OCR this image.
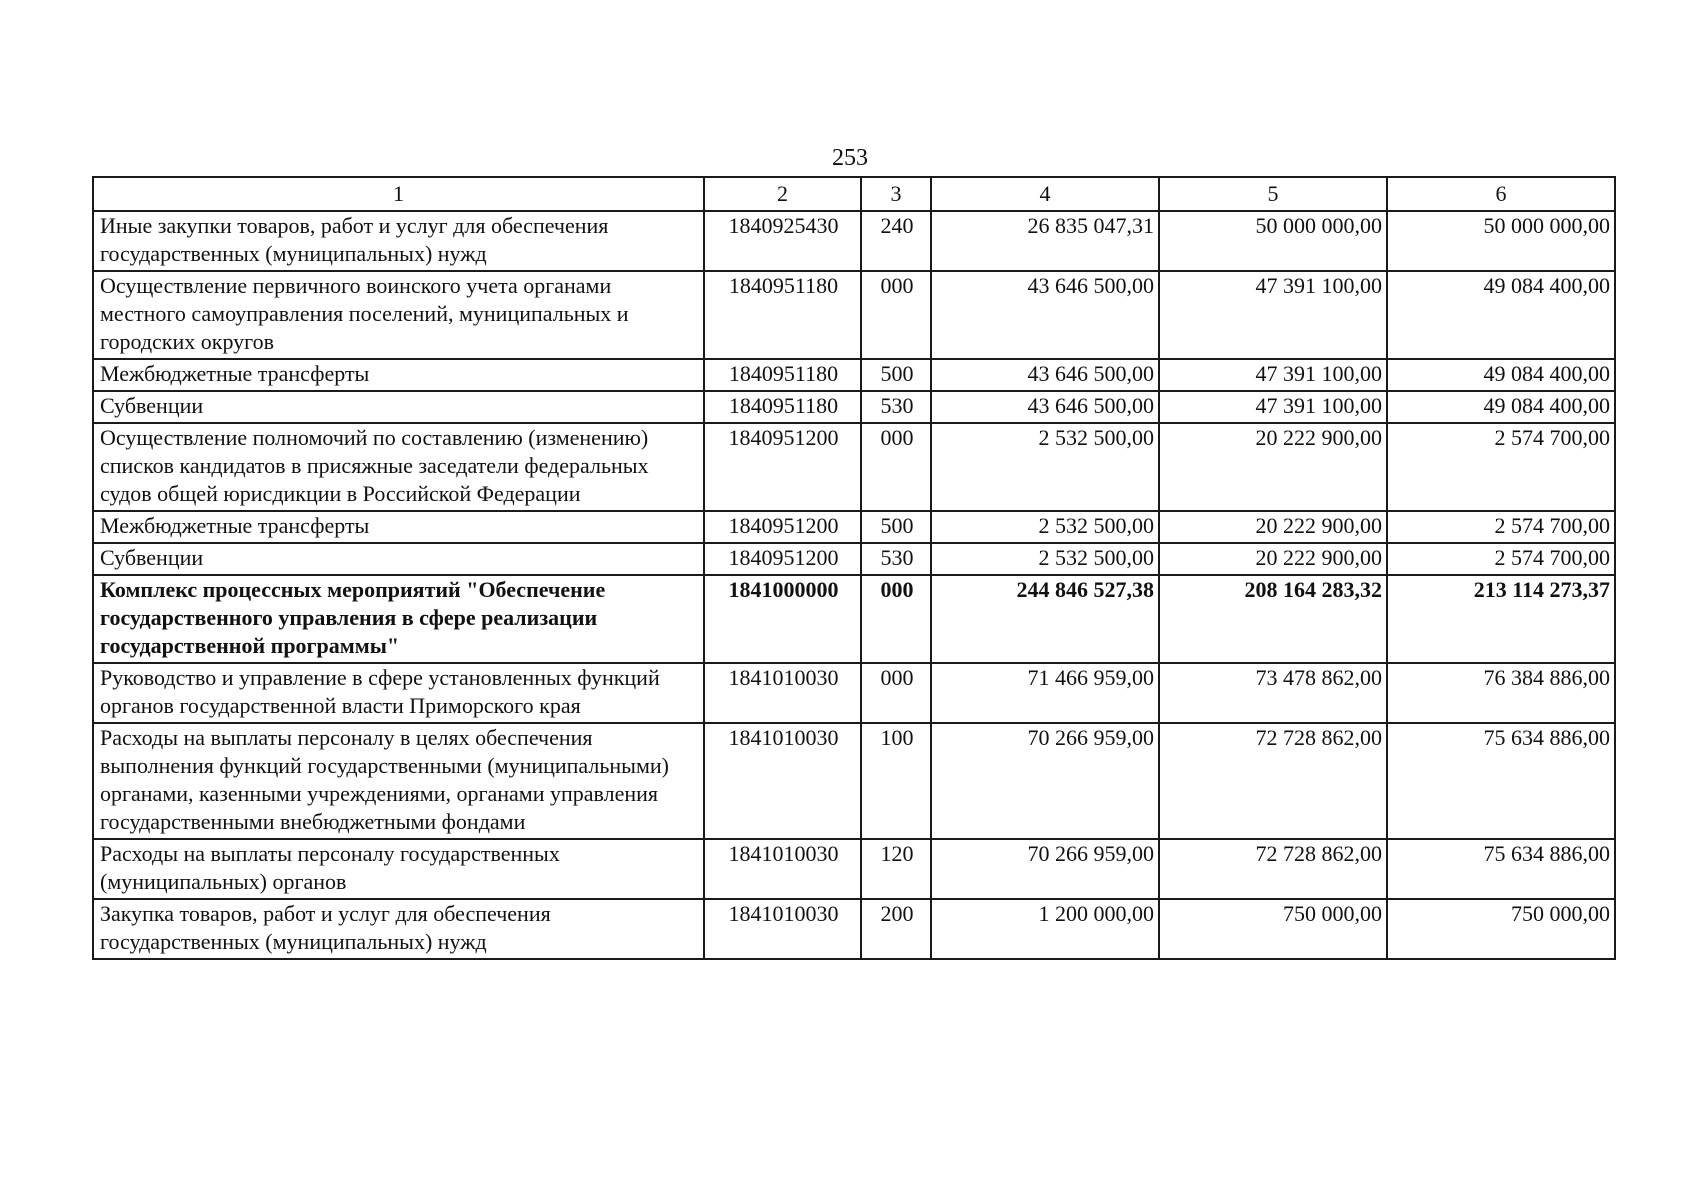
253
1	2	3	4	5	6
Иные закупки товаров, работ и услуг для обеспечения государственных (муниципальных) нужд	1840925430	240	26 835 047,31	50 000 000,00	50 000 000,00
Осуществление первичного воинского учета органами местного самоуправления поселений, муниципальных и городских округов	1840951180	000	43 646 500,00	47 391 100,00	49 084 400,00
Межбюджетные трансферты	1840951180	500	43 646 500,00	47 391 100,00	49 084 400,00
Субвенции	1840951180	530	43 646 500,00	47 391 100,00	49 084 400,00
Осуществление полномочий по составлению (изменению) списков кандидатов в присяжные заседатели федеральных судов общей юрисдикции в Российской Федерации	1840951200	000	2 532 500,00	20 222 900,00	2 574 700,00
Межбюджетные трансферты	1840951200	500	2 532 500,00	20 222 900,00	2 574 700,00
Субвенции	1840951200	530	2 532 500,00	20 222 900,00	2 574 700,00
Комплекс процессных мероприятий "Обеспечение государственного управления в сфере реализации государственной программы"	1841000000	000	244 846 527,38	208 164 283,32	213 114 273,37
Руководство и управление в сфере установленных функций органов государственной власти Приморского края	1841010030	000	71 466 959,00	73 478 862,00	76 384 886,00
Расходы на выплаты персоналу в целях обеспечения выполнения функций государственными (муниципальными) органами, казенными учреждениями, органами управления государственными внебюджетными фондами	1841010030	100	70 266 959,00	72 728 862,00	75 634 886,00
Расходы на выплаты персоналу государственных (муниципальных) органов	1841010030	120	70 266 959,00	72 728 862,00	75 634 886,00
Закупка товаров, работ и услуг для обеспечения государственных (муниципальных) нужд	1841010030	200	1 200 000,00	750 000,00	750 000,00
